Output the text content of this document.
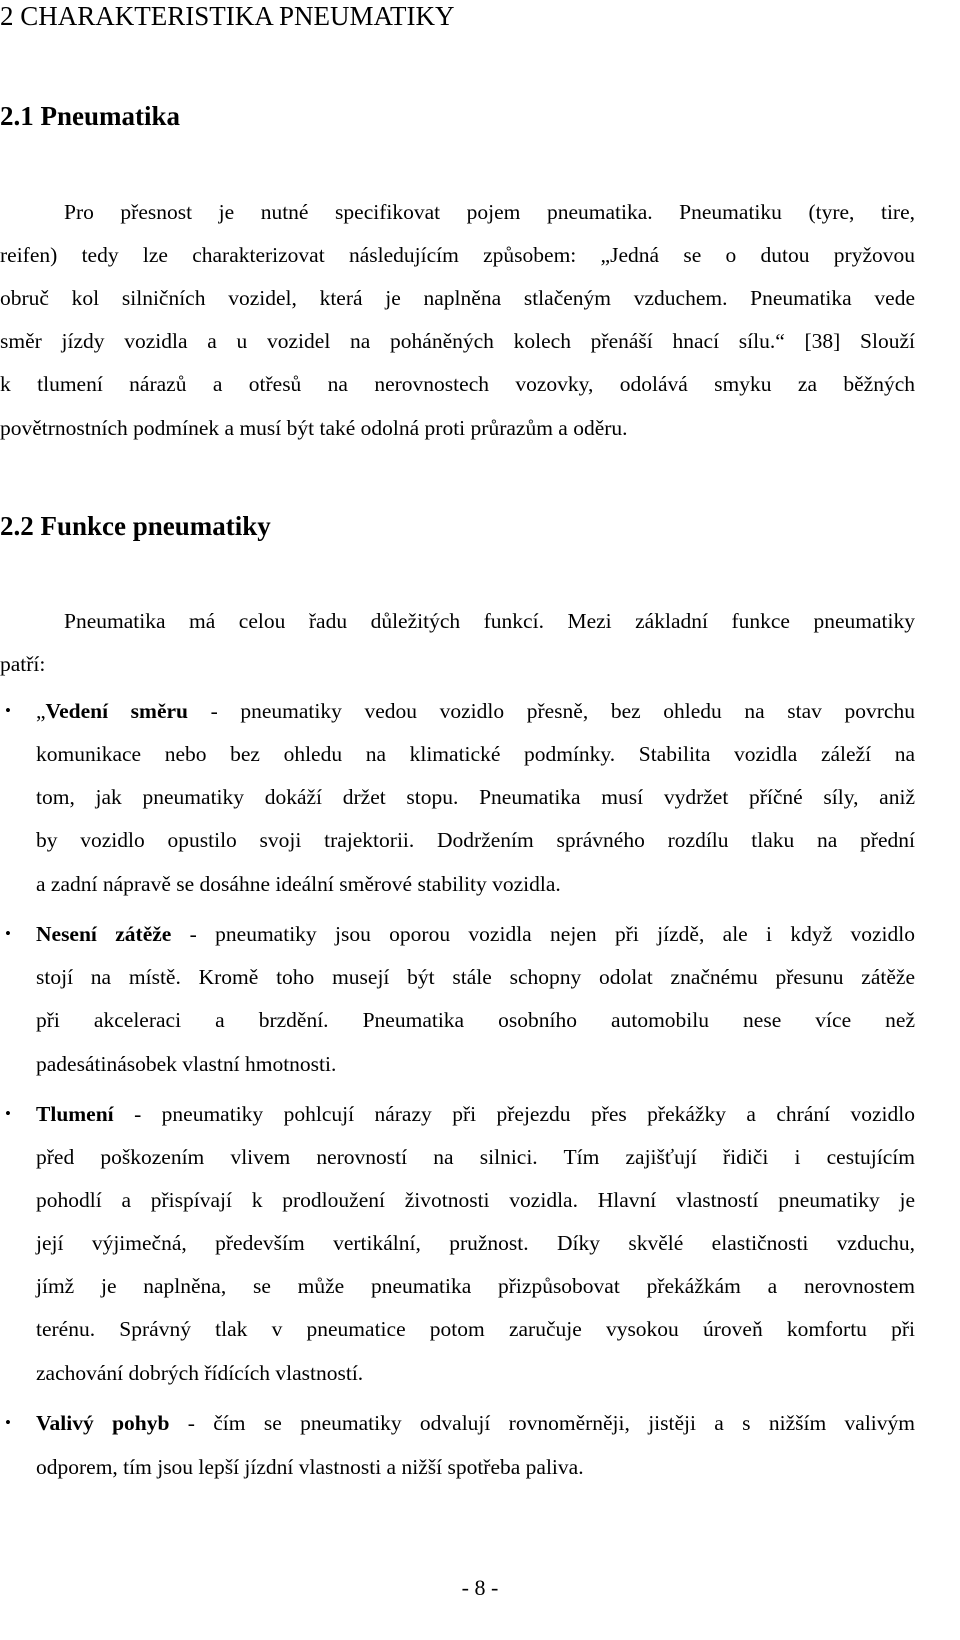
2 CHARAKTERISTIKA PNEUMATIKY
2.1 Pneumatika
Pro přesnost je nutné specifikovat pojem pneumatika. Pneumatiku (tyre, tire,
reifen) tedy lze charakterizovat následujícím způsobem: „Jedná se o dutou pryžovou
obruč kol silničních vozidel, která je naplněna stlačeným vzduchem. Pneumatika vede
směr jízdy vozidla a u vozidel na poháněných kolech přenáší hnací sílu.“ [38] Slouží
k tlumení nárazů a otřesů na nerovnostech vozovky, odolává smyku za běžných
povětrnostních podmínek a musí být také odolná proti průrazům a oděru.
2.2 Funkce pneumatiky
Pneumatika má celou řadu důležitých funkcí. Mezi základní funkce pneumatiky
patří:
• „Vedení směru - pneumatiky vedou vozidlo přesně, bez ohledu na stav povrchu
komunikace nebo bez ohledu na klimatické podmínky. Stabilita vozidla záleží na
tom, jak pneumatiky dokáží držet stopu. Pneumatika musí vydržet příčné síly, aniž
by vozidlo opustilo svoji trajektorii. Dodržením správného rozdílu tlaku na přední
a zadní nápravě se dosáhne ideální směrové stability vozidla.
• Nesení zátěže - pneumatiky jsou oporou vozidla nejen při jízdě, ale i když vozidlo
stojí na místě. Kromě toho musejí být stále schopny odolat značnému přesunu zátěže
při akceleraci a brzdění. Pneumatika osobního automobilu nese více než
padesátinásobek vlastní hmotnosti.
• Tlumení - pneumatiky pohlcují nárazy při přejezdu přes překážky a chrání vozidlo
před poškozením vlivem nerovností na silnici. Tím zajišťují řidiči i cestujícím
pohodlí a přispívají k prodloužení životnosti vozidla. Hlavní vlastností pneumatiky je
její výjimečná, především vertikální, pružnost. Díky skvělé elastičnosti vzduchu,
jímž je naplněna, se může pneumatika přizpůsobovat překážkám a nerovnostem
terénu. Správný tlak v pneumatice potom zaručuje vysokou úroveň komfortu při
zachování dobrých řídících vlastností.
• Valivý pohyb - čím se pneumatiky odvalují rovnoměrněji, jistěji a s nižším valivým
odporem, tím jsou lepší jízdní vlastnosti a nižší spotřeba paliva.
- 8 -
